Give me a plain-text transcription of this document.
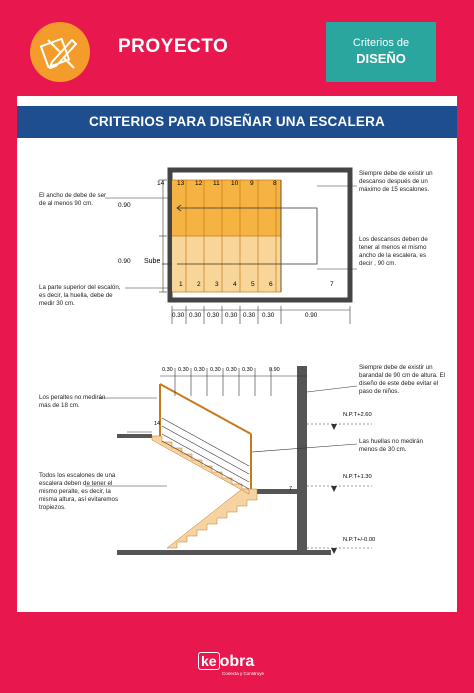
PROYECTO	Criterios de
DISEÑO
CRITERIOS PARA DISEÑAR UNA ESCALERA
14 13 12 11 10 9	8
1 2 3 4 5 6	7
0.90
0.90 Sube
0.30 0.30 0.30 0.30 0.30 0.30	0.90
El ancho de debe de ser de al menos 90 cm.
Siempre debe de existir un descanso después de un máximo de 15 escalones.
Los descansos deben de tener al menos el mismo ancho de la escalera, es decir , 90 cm.
La parte superior del escalón, es decir, la huella, debe de medir 30 cm.
0.30 0.30 0.30 0.30 0.30 0.30	0.90
14
7
N.P.T+2.60
N.P.T+1.30
N.P.T+/-0.00
Los peraltes no medirán más de 18 cm.
Siempre debe de existir un barandal de 90 cm de altura. El diseño de este debe evitar el paso de niños.
Las huellas no medirán menos de 30 cm.
Todos los escalones de una escalera deben de tener el mismo peralte, es decir, la misma altura, así evitaremos tropiezos.
ke obra
Conecta y Construye
